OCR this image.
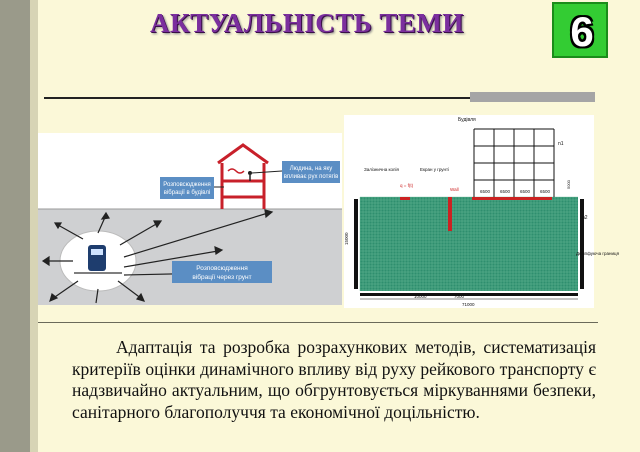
АКТУАЛЬНІСТЬ ТЕМИ	6
Розповсюдження
вібрації через грунт
Розповсюдження
вібрації в будівлі
Людина, на яку
впливає рух потягів
Будівля
n1
Залізнична колія	Екран у грунті
q = f(t)
Wall
n2
Демпфуюча границя
6500 6500 6500 6500
15000
5000
10000	7000
71000
Адаптація та розробка розрахункових методів, систематизація критеріїв оцінки динамічного впливу від руху рейкового транспорту є надзвичайно актуальним, що обгрунтовується міркуваннями безпеки, санітарного благополуччя та економічної доцільністю.
